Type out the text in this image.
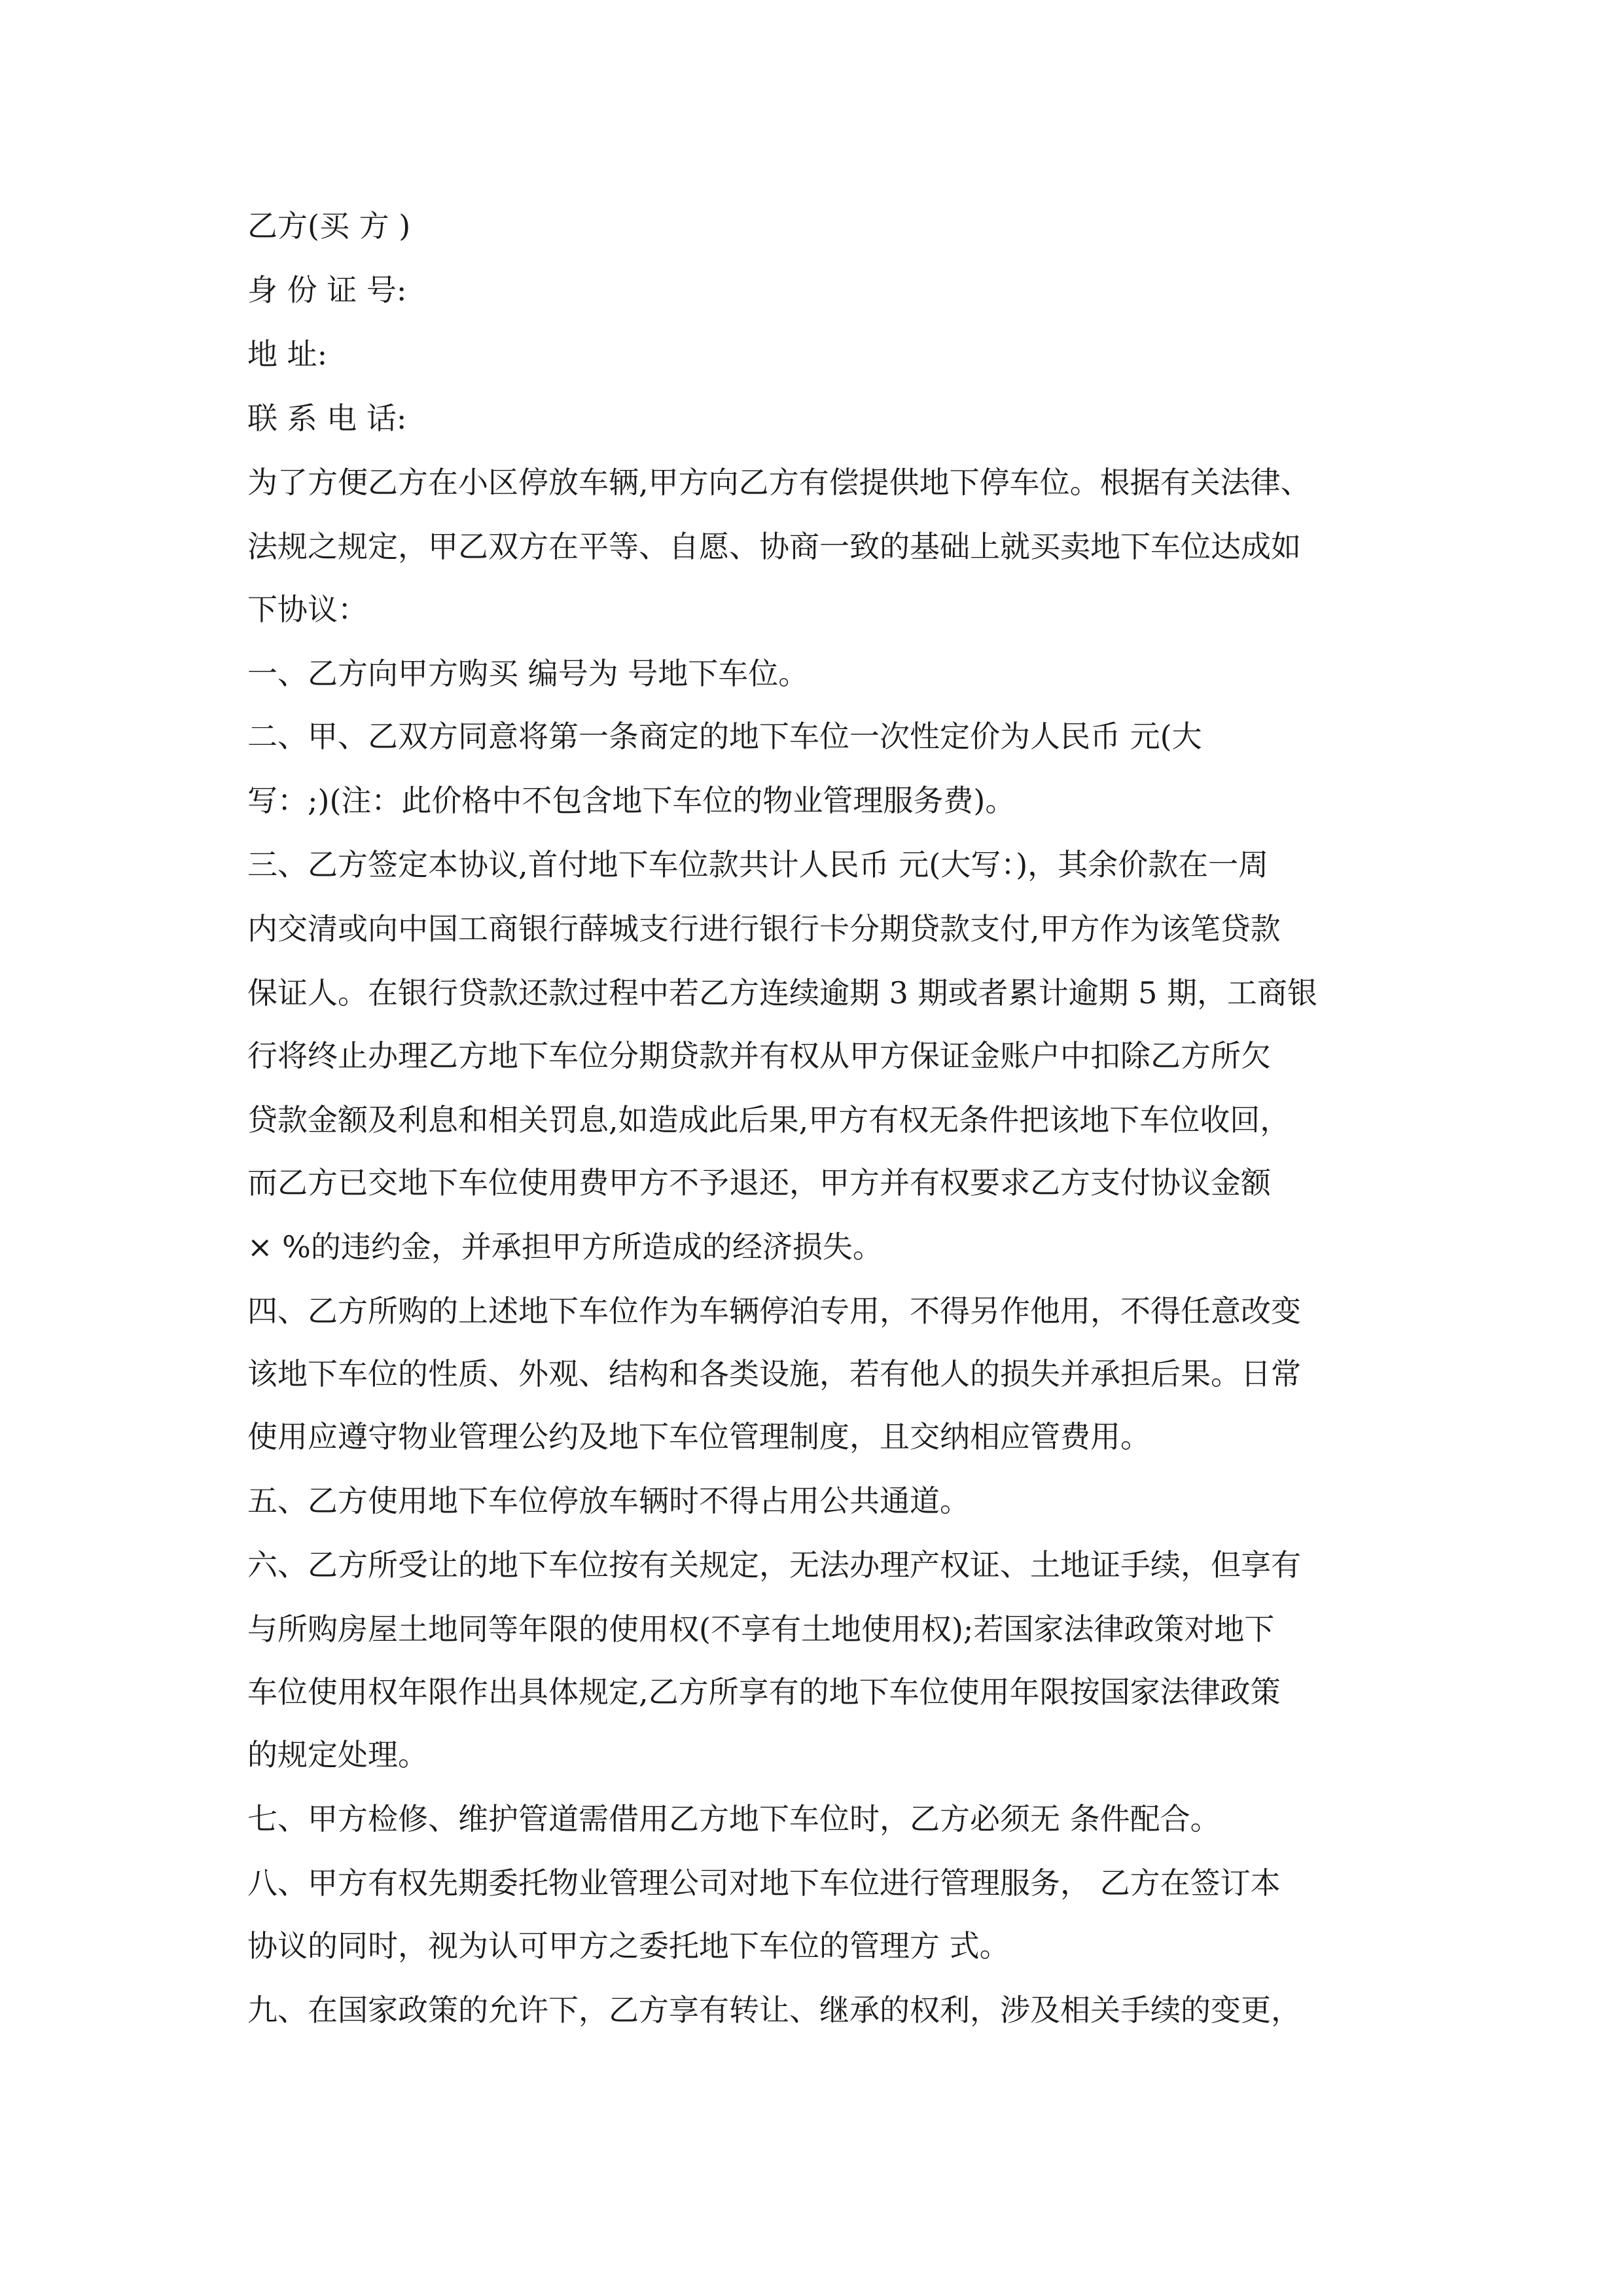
乙方(买 方 )
身 份 证 号:
地 址:
联 系 电 话:
为了方便乙方在小区停放车辆,甲方向乙方有偿提供地下停车位。根据有关法律、
法规之规定，甲乙双方在平等、自愿、协商一致的基础上就买卖地下车位达成如
下协议：
一、乙方向甲方购买 编号为 号地下车位。
二、甲、乙双方同意将第一条商定的地下车位一次性定价为人民币 元(大
写：;)(注：此价格中不包含地下车位的物业管理服务费)。
三、乙方签定本协议,首付地下车位款共计人民币 元(大写：)，其余价款在一周
内交清或向中国工商银行薛城支行进行银行卡分期贷款支付,甲方作为该笔贷款
保证人。在银行贷款还款过程中若乙方连续逾期 3 期或者累计逾期 5 期，工商银
行将终止办理乙方地下车位分期贷款并有权从甲方保证金账户中扣除乙方所欠
贷款金额及利息和相关罚息,如造成此后果,甲方有权无条件把该地下车位收回，
而乙方已交地下车位使用费甲方不予退还，甲方并有权要求乙方支付协议金额
× %的违约金，并承担甲方所造成的经济损失。
四、乙方所购的上述地下车位作为车辆停泊专用，不得另作他用，不得任意改变
该地下车位的性质、外观、结构和各类设施，若有他人的损失并承担后果。日常
使用应遵守物业管理公约及地下车位管理制度，且交纳相应管费用。
五、乙方使用地下车位停放车辆时不得占用公共通道。
六、乙方所受让的地下车位按有关规定，无法办理产权证、土地证手续，但享有
与所购房屋土地同等年限的使用权(不享有土地使用权);若国家法律政策对地下
车位使用权年限作出具体规定,乙方所享有的地下车位使用年限按国家法律政策
的规定处理。
七、甲方检修、维护管道需借用乙方地下车位时，乙方必须无 条件配合。
八、甲方有权先期委托物业管理公司对地下车位进行管理服务， 乙方在签订本
协议的同时，视为认可甲方之委托地下车位的管理方 式。
九、在国家政策的允许下，乙方享有转让、继承的权利，涉及相关手续的变更，
